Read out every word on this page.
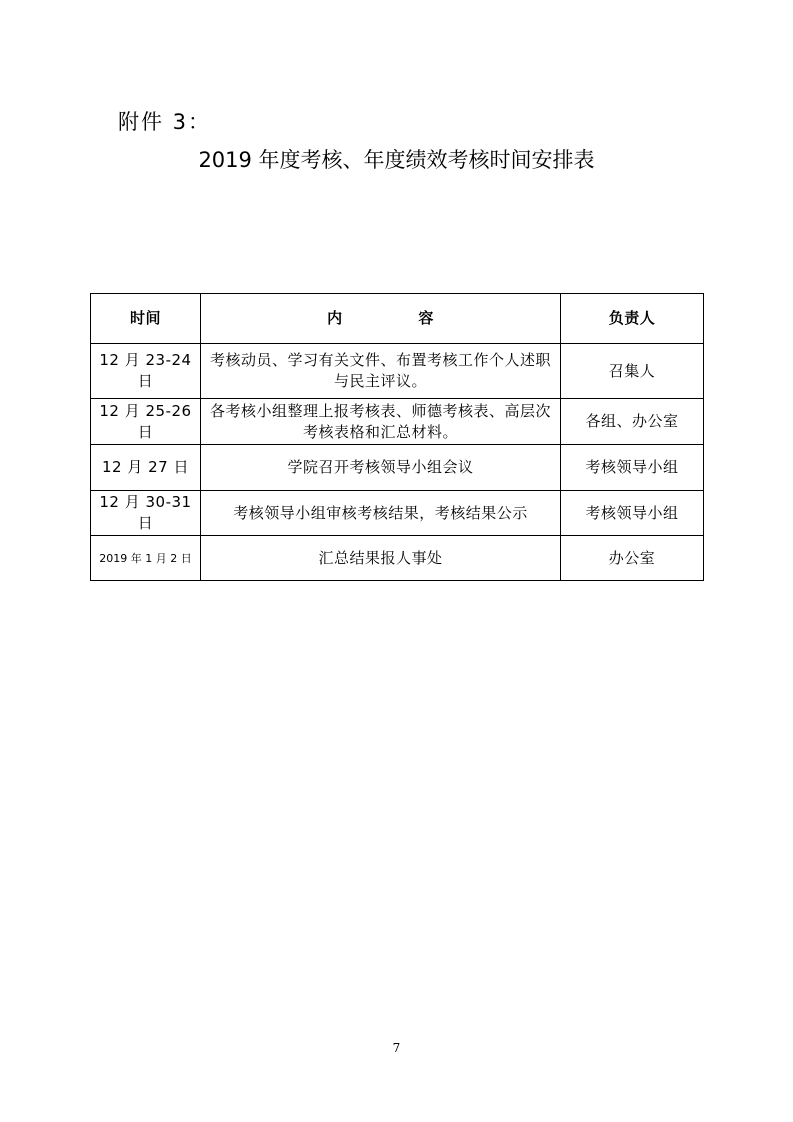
附件 3：
2019 年度考核、年度绩效考核时间安排表
时间	内 容	负责人
12 月 23-24 日	考核动员、学习有关文件、布置考核工作个人述职与民主评议。	召集人
12 月 25-26 日	各考核小组整理上报考核表、师德考核表、高层次考核表格和汇总材料。	各组、办公室
12 月 27 日	学院召开考核领导小组会议	考核领导小组
12 月 30-31 日	考核领导小组审核考核结果，考核结果公示	考核领导小组
2019 年 1 月 2 日	汇总结果报人事处	办公室
7
